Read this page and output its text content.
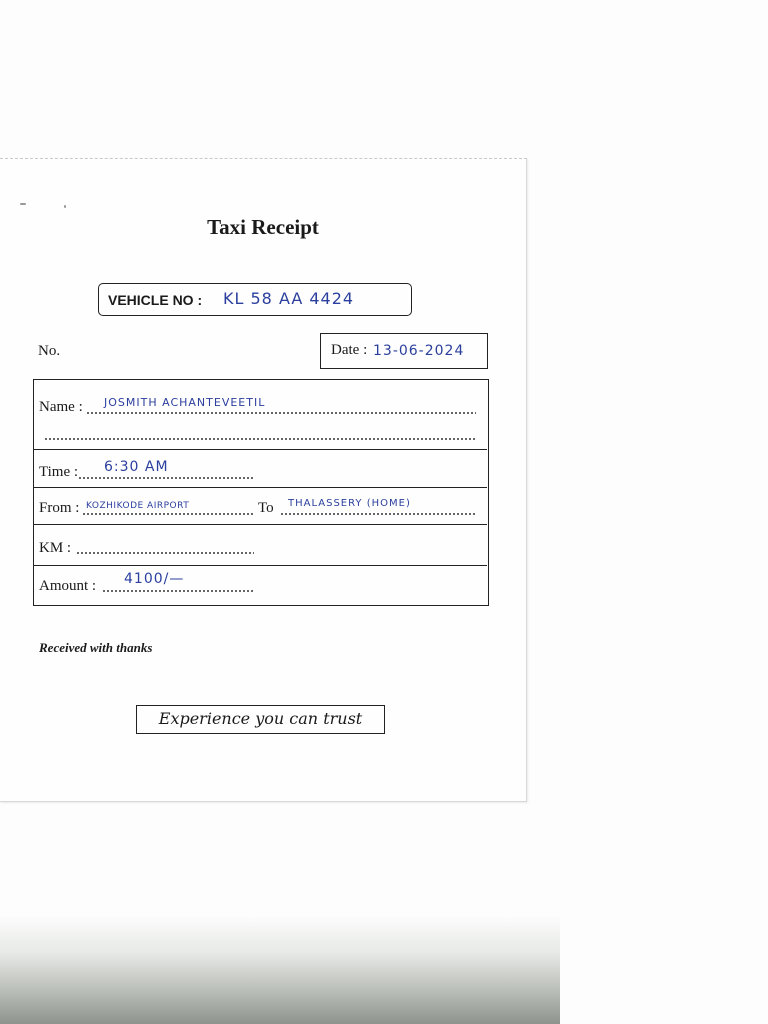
Taxi Receipt
VEHICLE NO : KL 58 AA 4424
No.	Date : 13-06-2024
Name : JOSMITH ACHANTEVEETIL
Time : 6:30 AM
From : KOZHIKODE AIRPORT	To THALASSERY (HOME)
KM :
Amount : 4100/—
Received with thanks
Experience you can trust
